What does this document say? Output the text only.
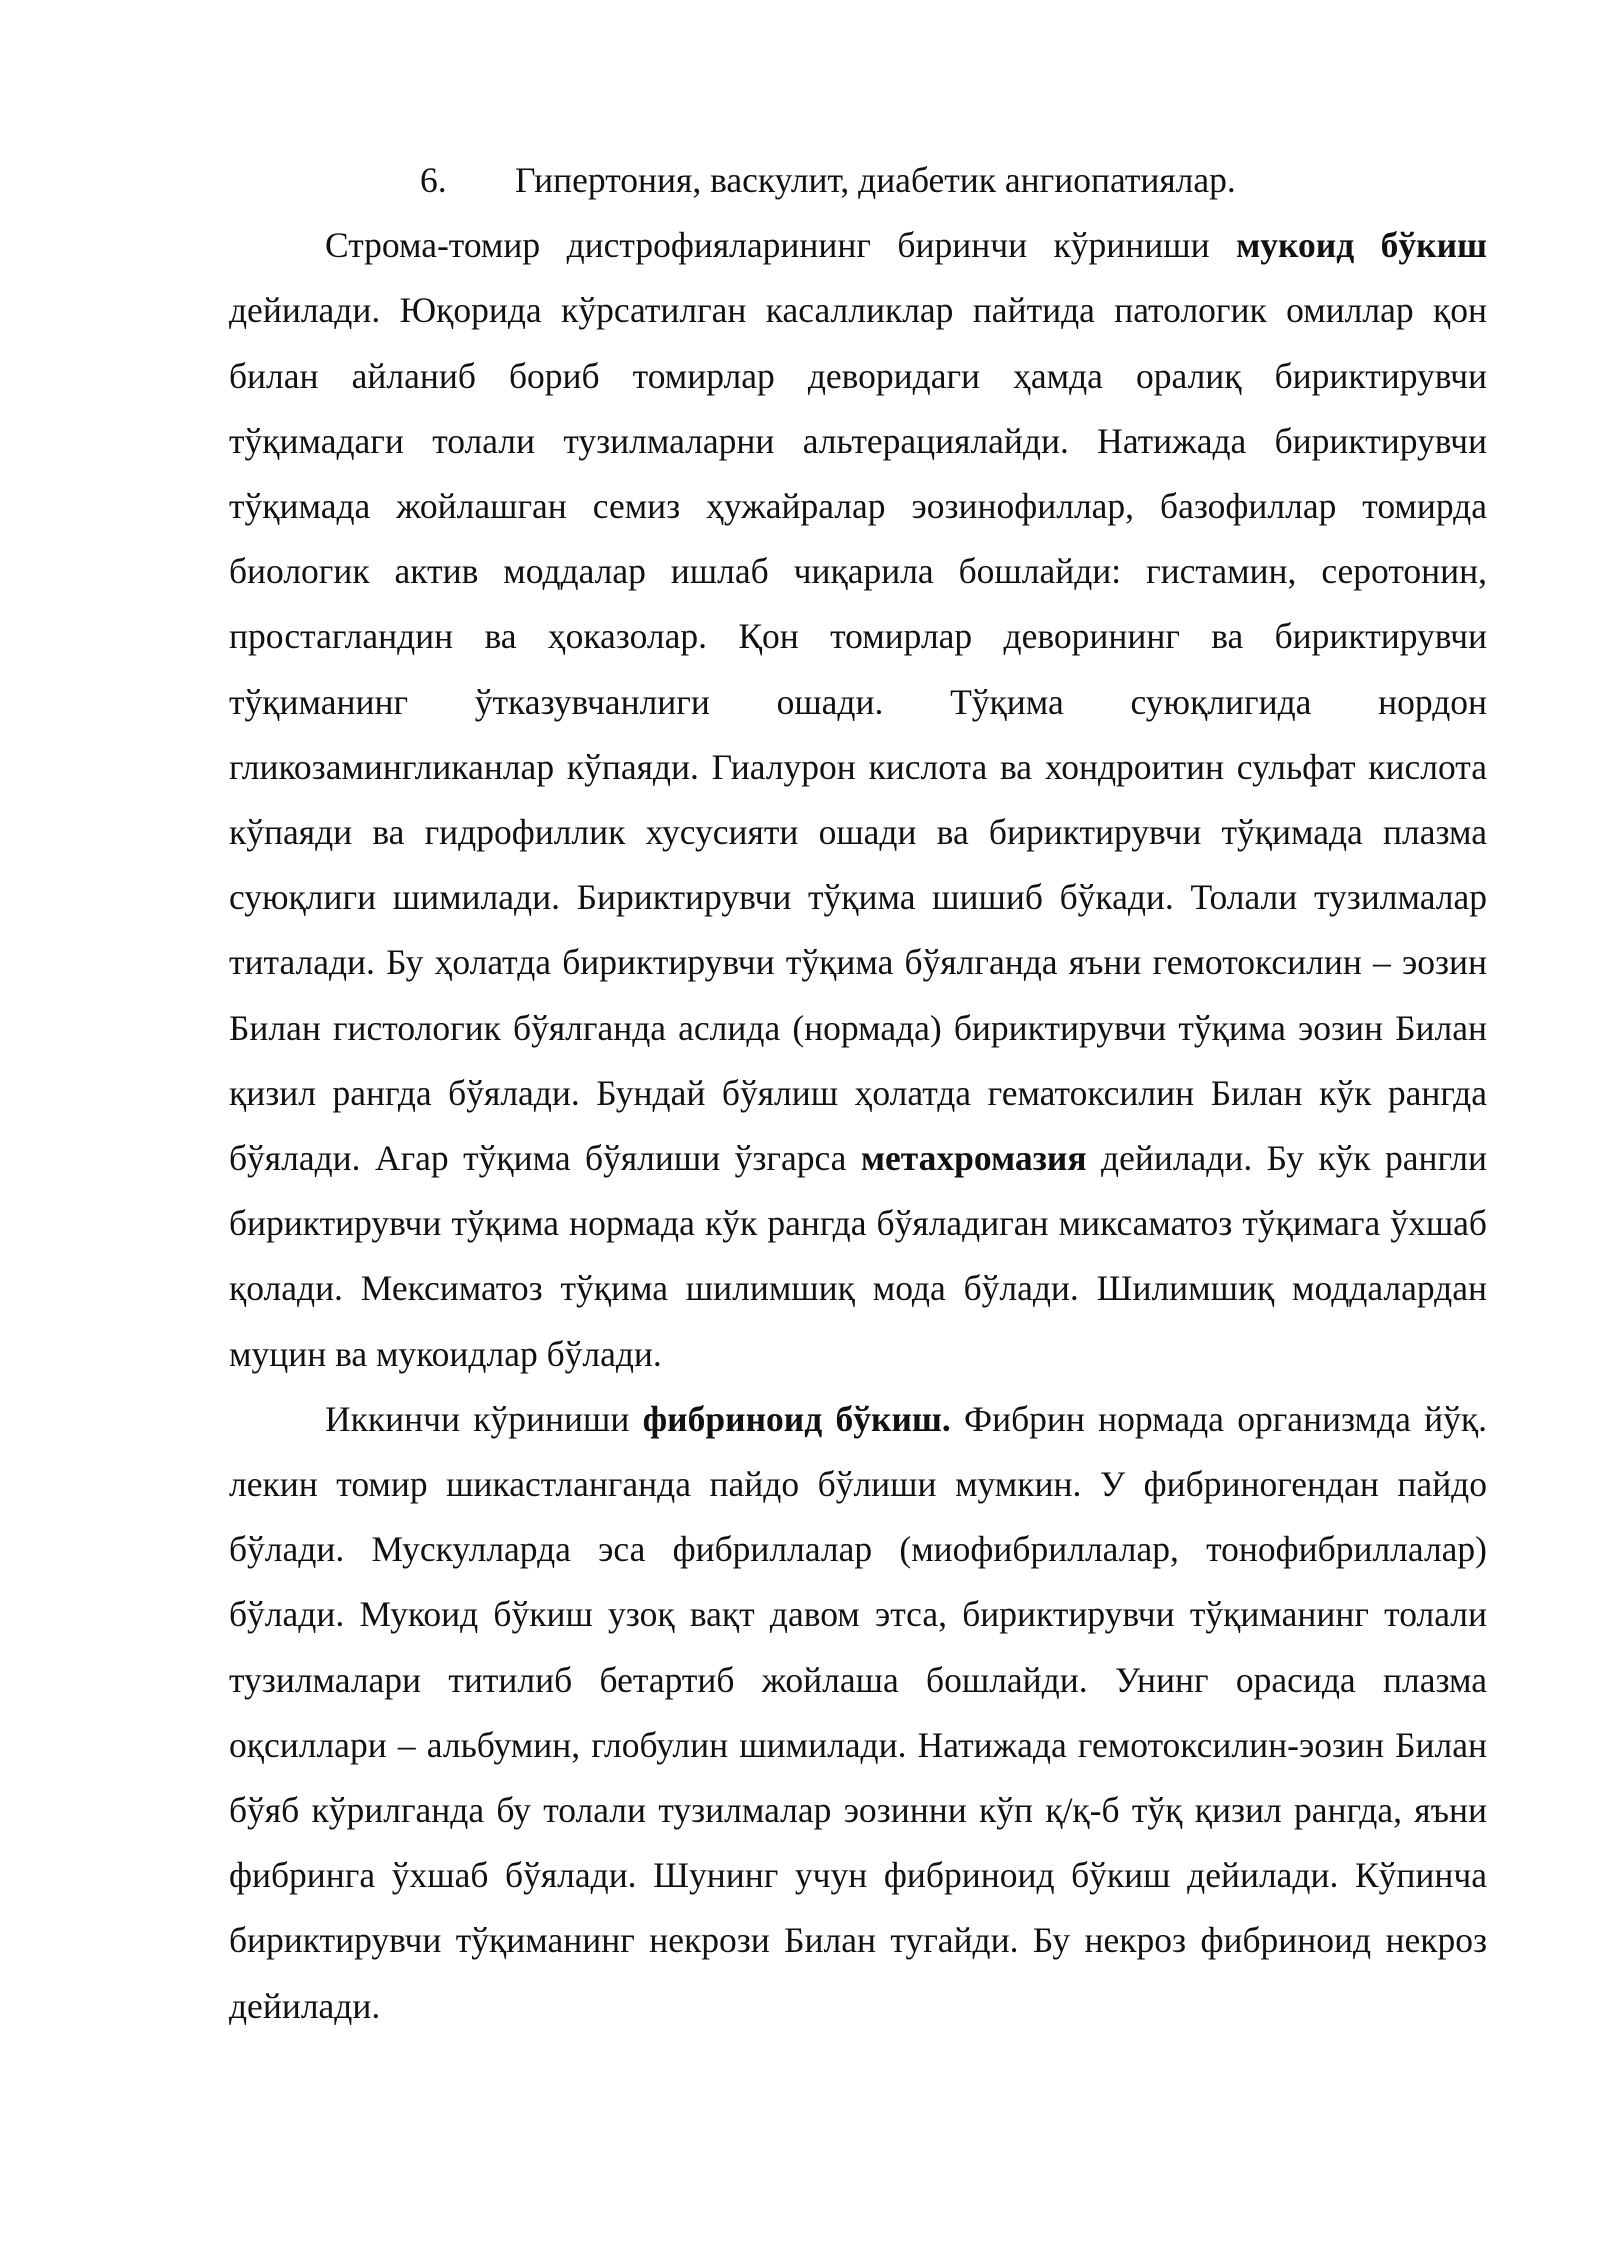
6. Гипертония, васкулит, диабетик ангиопатиялар.

Строма-томир дистрофияларининг биринчи кўриниши мукоид бўкиш дейилади. Юқорида кўрсатилган касалликлар пайтида патологик омиллар қон билан айланиб бориб томирлар деворидаги ҳамда оралиқ бириктирувчи тўқимадаги толали тузилмаларни альтерациялайди. Натижада бириктирувчи тўқимада жойлашган семиз ҳужайралар эозинофиллар, базофиллар томирда биологик актив моддалар ишлаб чиқарила бошлайди: гистамин, серотонин, простагландин ва ҳоказолар. Қон томирлар деворининг ва бириктирувчи тўқиманинг ўтказувчанлиги ошади. Тўқима суюқлигида нордон гликозамингликанлар кўпаяди. Гиалурон кислота ва хондроитин сульфат кислота кўпаяди ва гидрофиллик хусусияти ошади ва бириктирувчи тўқимада плазма суюқлиги шимилади. Бириктирувчи тўқима шишиб бўкади. Толали тузилмалар титалади. Бу ҳолатда бириктирувчи тўқима бўялганда яъни гемотоксилин – эозин Билан гистологик бўялганда аслида (нормада) бириктирувчи тўқима эозин Билан қизил рангда бўялади. Бундай бўялиш ҳолатда гематоксилин Билан кўк рангда бўялади. Агар тўқима бўялиши ўзгарса метахромазия дейилади. Бу кўк рангли бириктирувчи тўқима нормада кўк рангда бўяладиган миксаматоз тўқимага ўхшаб қолади. Мексиматоз тўқима шилимшиқ мода бўлади. Шилимшиқ моддалардан муцин ва мукоидлар бўлади.

Иккинчи кўриниши фибриноид бўкиш. Фибрин нормада организмда йўқ. лекин томир шикастланганда пайдо бўлиши мумкин. У фибриногендан пайдо бўлади. Мускулларда эса фибриллалар (миофибриллалар, тонофибриллалар) бўлади. Мукоид бўкиш узоқ вақт давом этса, бириктирувчи тўқиманинг толали тузилмалари титилиб бетартиб жойлаша бошлайди. Унинг орасида плазма оқсиллари – альбумин, глобулин шимилади. Натижада гемотоксилин-эозин Билан бўяб кўрилганда бу толали тузилмалар эозинни кўп қ/қ-б тўқ қизил рангда, яъни фибринга ўхшаб бўялади. Шунинг учун фибриноид бўкиш дейилади. Кўпинча бириктирувчи тўқиманинг некрози Билан тугайди. Бу некроз фибриноид некроз дейилади.
